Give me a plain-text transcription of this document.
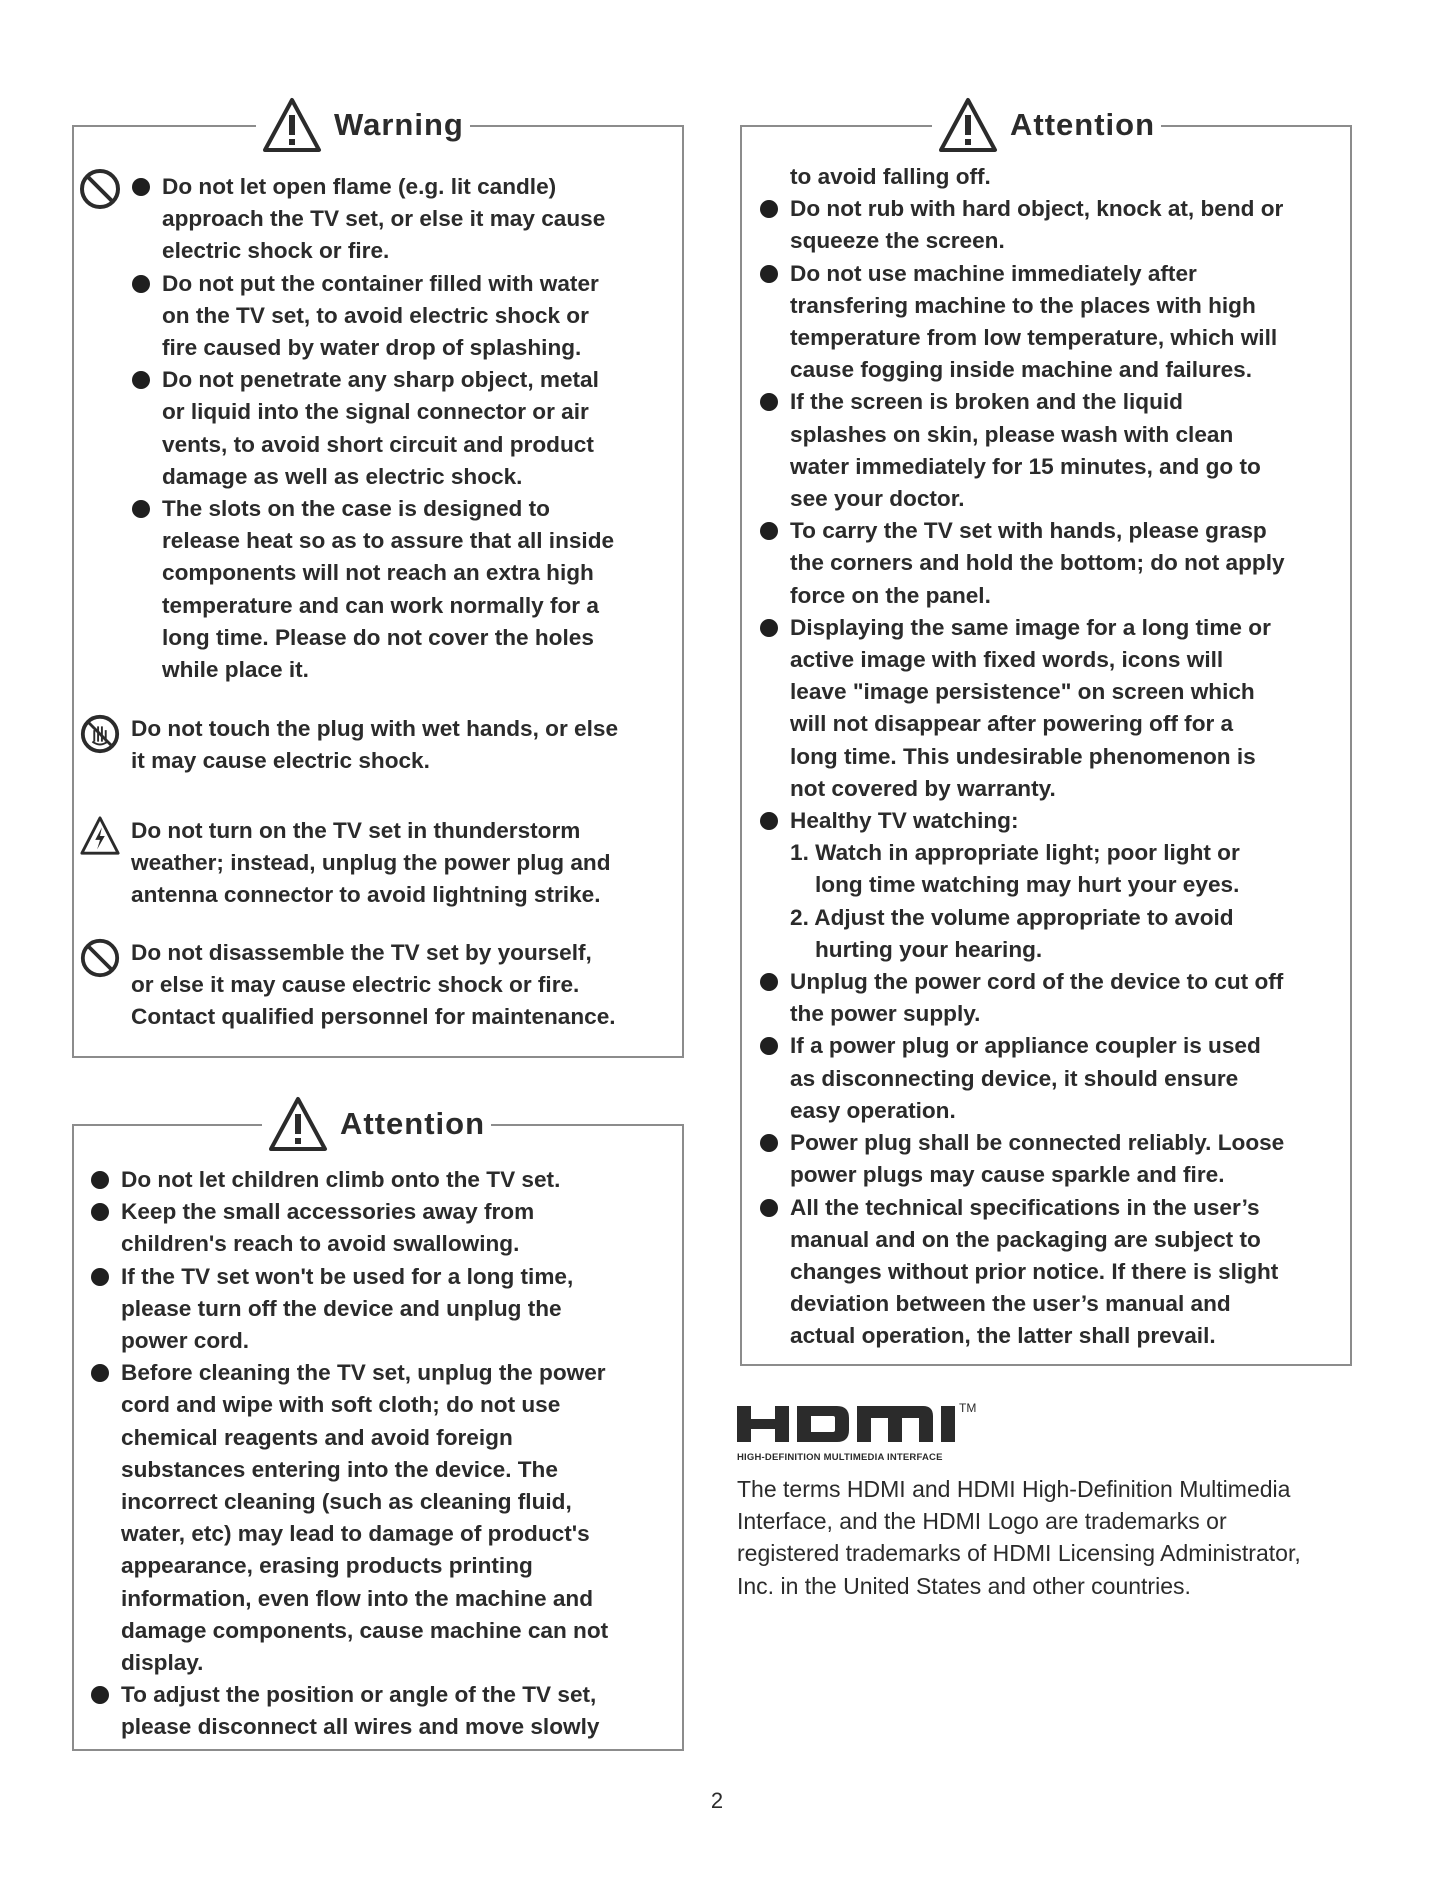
Warning
Do not let open flame (e.g. lit candle)
approach the TV set, or else it may cause
electric shock or fire.
Do not put the container filled with water
on the TV set, to avoid electric shock or
fire caused by water drop of splashing.
Do not penetrate any sharp object, metal
or liquid into the signal connector or air
vents, to avoid short circuit and product
damage as well as electric shock.
The slots on the case is designed to
release heat so as to assure that all inside
components will not reach an extra high
temperature and can work normally for a
long time. Please do not cover the holes
while place it.
Do not touch the plug with wet hands, or else
it may cause electric shock.
Do not turn on the TV set in thunderstorm
weather; instead, unplug the power plug and
antenna connector to avoid lightning strike.
Do not disassemble the TV set by yourself,
or else it may cause electric shock or fire.
Contact qualified personnel for maintenance.
Attention
Do not let children climb onto the TV set.
Keep the small accessories away from
children's reach to avoid swallowing.
If the TV set won't be used for a long time,
please turn off the device and unplug the
power cord.
Before cleaning the TV set, unplug the power
cord and wipe with soft cloth; do not use
chemical reagents and avoid foreign
substances entering into the device. The
incorrect cleaning (such as cleaning fluid,
water, etc) may lead to damage of product's
appearance, erasing products printing
information, even flow into the machine and
damage components, cause machine can not
display.
To adjust the position or angle of the TV set,
please disconnect all wires and move slowly
Attention
to avoid falling off.
Do not rub with hard object, knock at, bend or
squeeze the screen.
Do not use machine immediately after
transfering machine to the places with high
temperature from low temperature, which will
cause fogging inside machine and failures.
If the screen is broken and the liquid
splashes on skin, please wash with clean
water immediately for 15 minutes, and go to
see your doctor.
To carry the TV set with hands, please grasp
the corners and hold the bottom; do not apply
force on the panel.
Displaying the same image for a long time or
active image with fixed words, icons will
leave "image persistence" on screen which
will not disappear after powering off for a
long time. This undesirable phenomenon is
not covered by warranty.
Healthy TV watching:
1. Watch in appropriate light; poor light or
long time watching may hurt your eyes.
2. Adjust the volume appropriate to avoid
hurting your hearing.
Unplug the power cord of the device to cut off
the power supply.
If a power plug or appliance coupler is used
as disconnecting device, it should ensure
easy operation.
Power plug shall be connected reliably. Loose
power plugs may cause sparkle and fire.
All the technical specifications in the user’s
manual and on the packaging are subject to
changes without prior notice. If there is slight
deviation between the user’s manual and
actual operation, the latter shall prevail.
TM
HIGH-DEFINITION MULTIMEDIA INTERFACE
The terms HDMI and HDMI High-Definition Multimedia
Interface, and the HDMI Logo are trademarks or
registered trademarks of HDMI Licensing Administrator,
Inc. in the United States and other countries.
2
